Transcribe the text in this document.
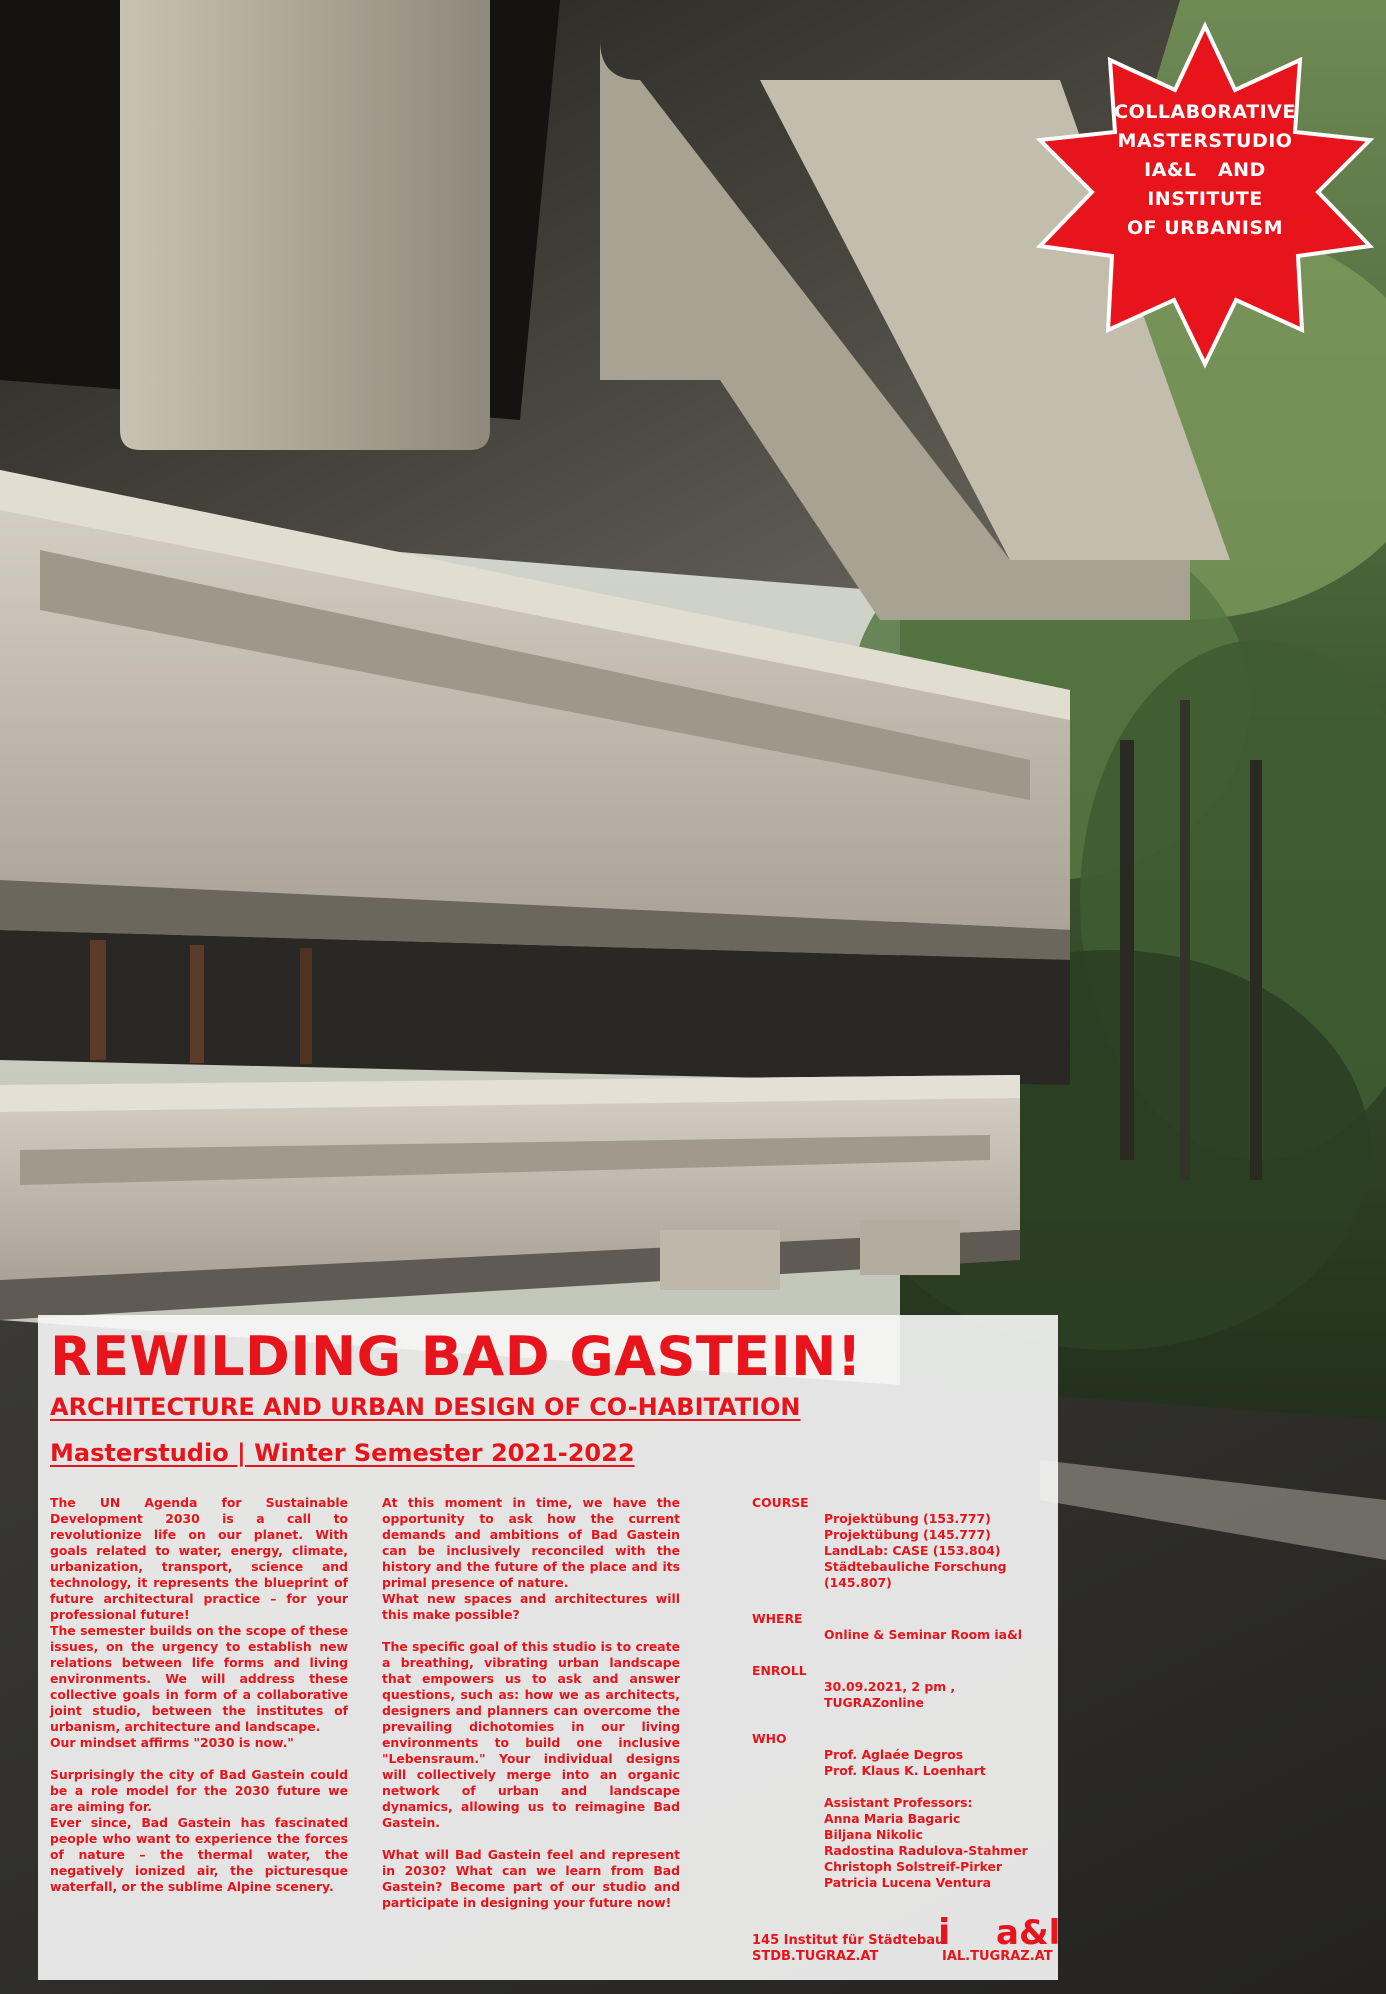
COLLABORATIVE
MASTERSTUDIO
IA&L   AND
INSTITUTE
OF URBANISM
REWILDING BAD GASTEIN!
ARCHITECTURE AND URBAN DESIGN OF CO-HABITATION
Masterstudio | Winter Semester 2021-2022

The UN Agenda for Sustainable Development 2030 is a call to revolutionize life on our planet. With goals related to water, energy, climate, urbanization, transport, science and technology, it represents the blueprint of future architectural practice – for your professional future!

The semester builds on the scope of these issues, on the urgency to establish new relations between life forms and living environments. We will address these collective goals in form of a collaborative joint studio, between the institutes of urbanism, architecture and landscape.

Our mindset affirms "2030 is now."

Surprisingly the city of Bad Gastein could be a role model for the 2030 future we are aiming for.

Ever since, Bad Gastein has fascinated people who want to experience the forces of nature – the thermal water, the negatively ionized air, the picturesque waterfall, or the sublime Alpine scenery.

At this moment in time, we have the opportunity to ask how the current demands and ambitions of Bad Gastein can be inclusively reconciled with the history and the future of the place and its primal presence of nature.

What new spaces and architectures will this make possible?

The specific goal of this studio is to create a breathing, vibrating urban landscape that empowers us to ask and answer questions, such as: how we as architects, designers and planners can overcome the prevailing dichotomies in our living environments to build one inclusive "Lebensraum." Your individual designs will collectively merge into an organic network of urban and landscape dynamics, allowing us to reimagine Bad Gastein.

What will Bad Gastein feel and represent in 2030? What can we learn from Bad Gastein? Become part of our studio and participate in designing your future now!

COURSE

Projektübung (153.777)

Projektübung (145.777)

LandLab: CASE (153.804)

Städtebauliche Forschung (145.807)

WHERE

Online & Seminar Room ia&l

ENROLL

30.09.2021, 2 pm , TUGRAZonline

WHO

Prof. Aglaée Degros

Prof. Klaus K. Loenhart

Assistant Professors:

Anna Maria Bagaric

Biljana Nikolic

Radostina Radulova-Stahmer

Christoph Solstreif-Pirker

Patricia Lucena Ventura

145 Institut für Städtebau
STDB.TUGRAZ.AT
i a&l
IAL.TUGRAZ.AT
